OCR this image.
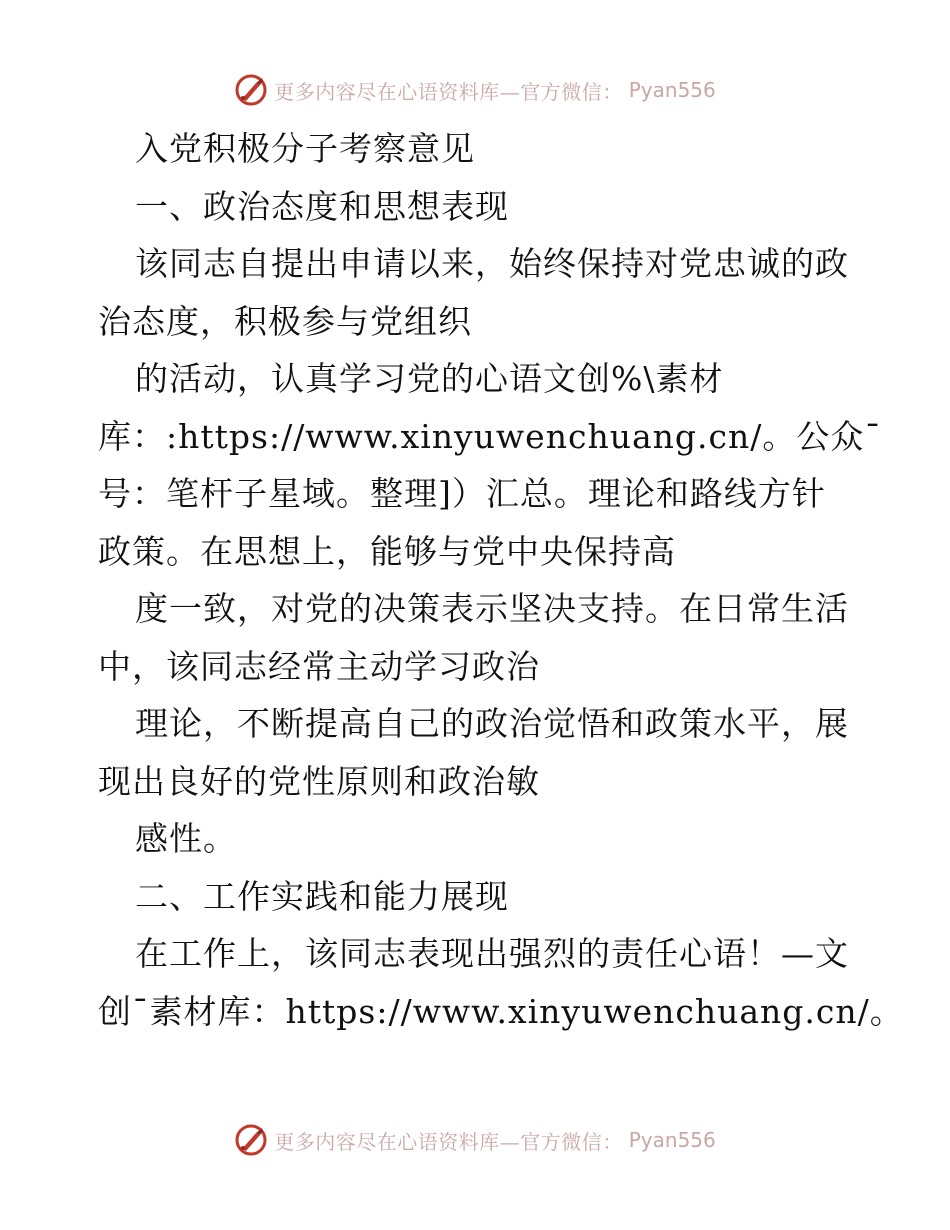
更多内容尽在心语资料库—官方微信： Pyan556
入党积极分子考察意见
一、政治态度和思想表现
该同志自提出申请以来，始终保持对党忠诚的政
治态度，积极参与党组织
的活动，认真学习党的心语文创%\素材
库：:https://www.xinyuwenchuang.cn/。公众¯
号：笔杆子星域。整理]）汇总。理论和路线方针
政策。在思想上，能够与党中央保持高
度一致，对党的决策表示坚决支持。在日常生活
中，该同志经常主动学习政治
理论，不断提高自己的政治觉悟和政策水平，展
现出良好的党性原则和政治敏
感性。
二、工作实践和能力展现
在工作上，该同志表现出强烈的责任心语！—文
创¯素材库：https://www.xinyuwenchuang.cn/。
更多内容尽在心语资料库—官方微信： Pyan556
